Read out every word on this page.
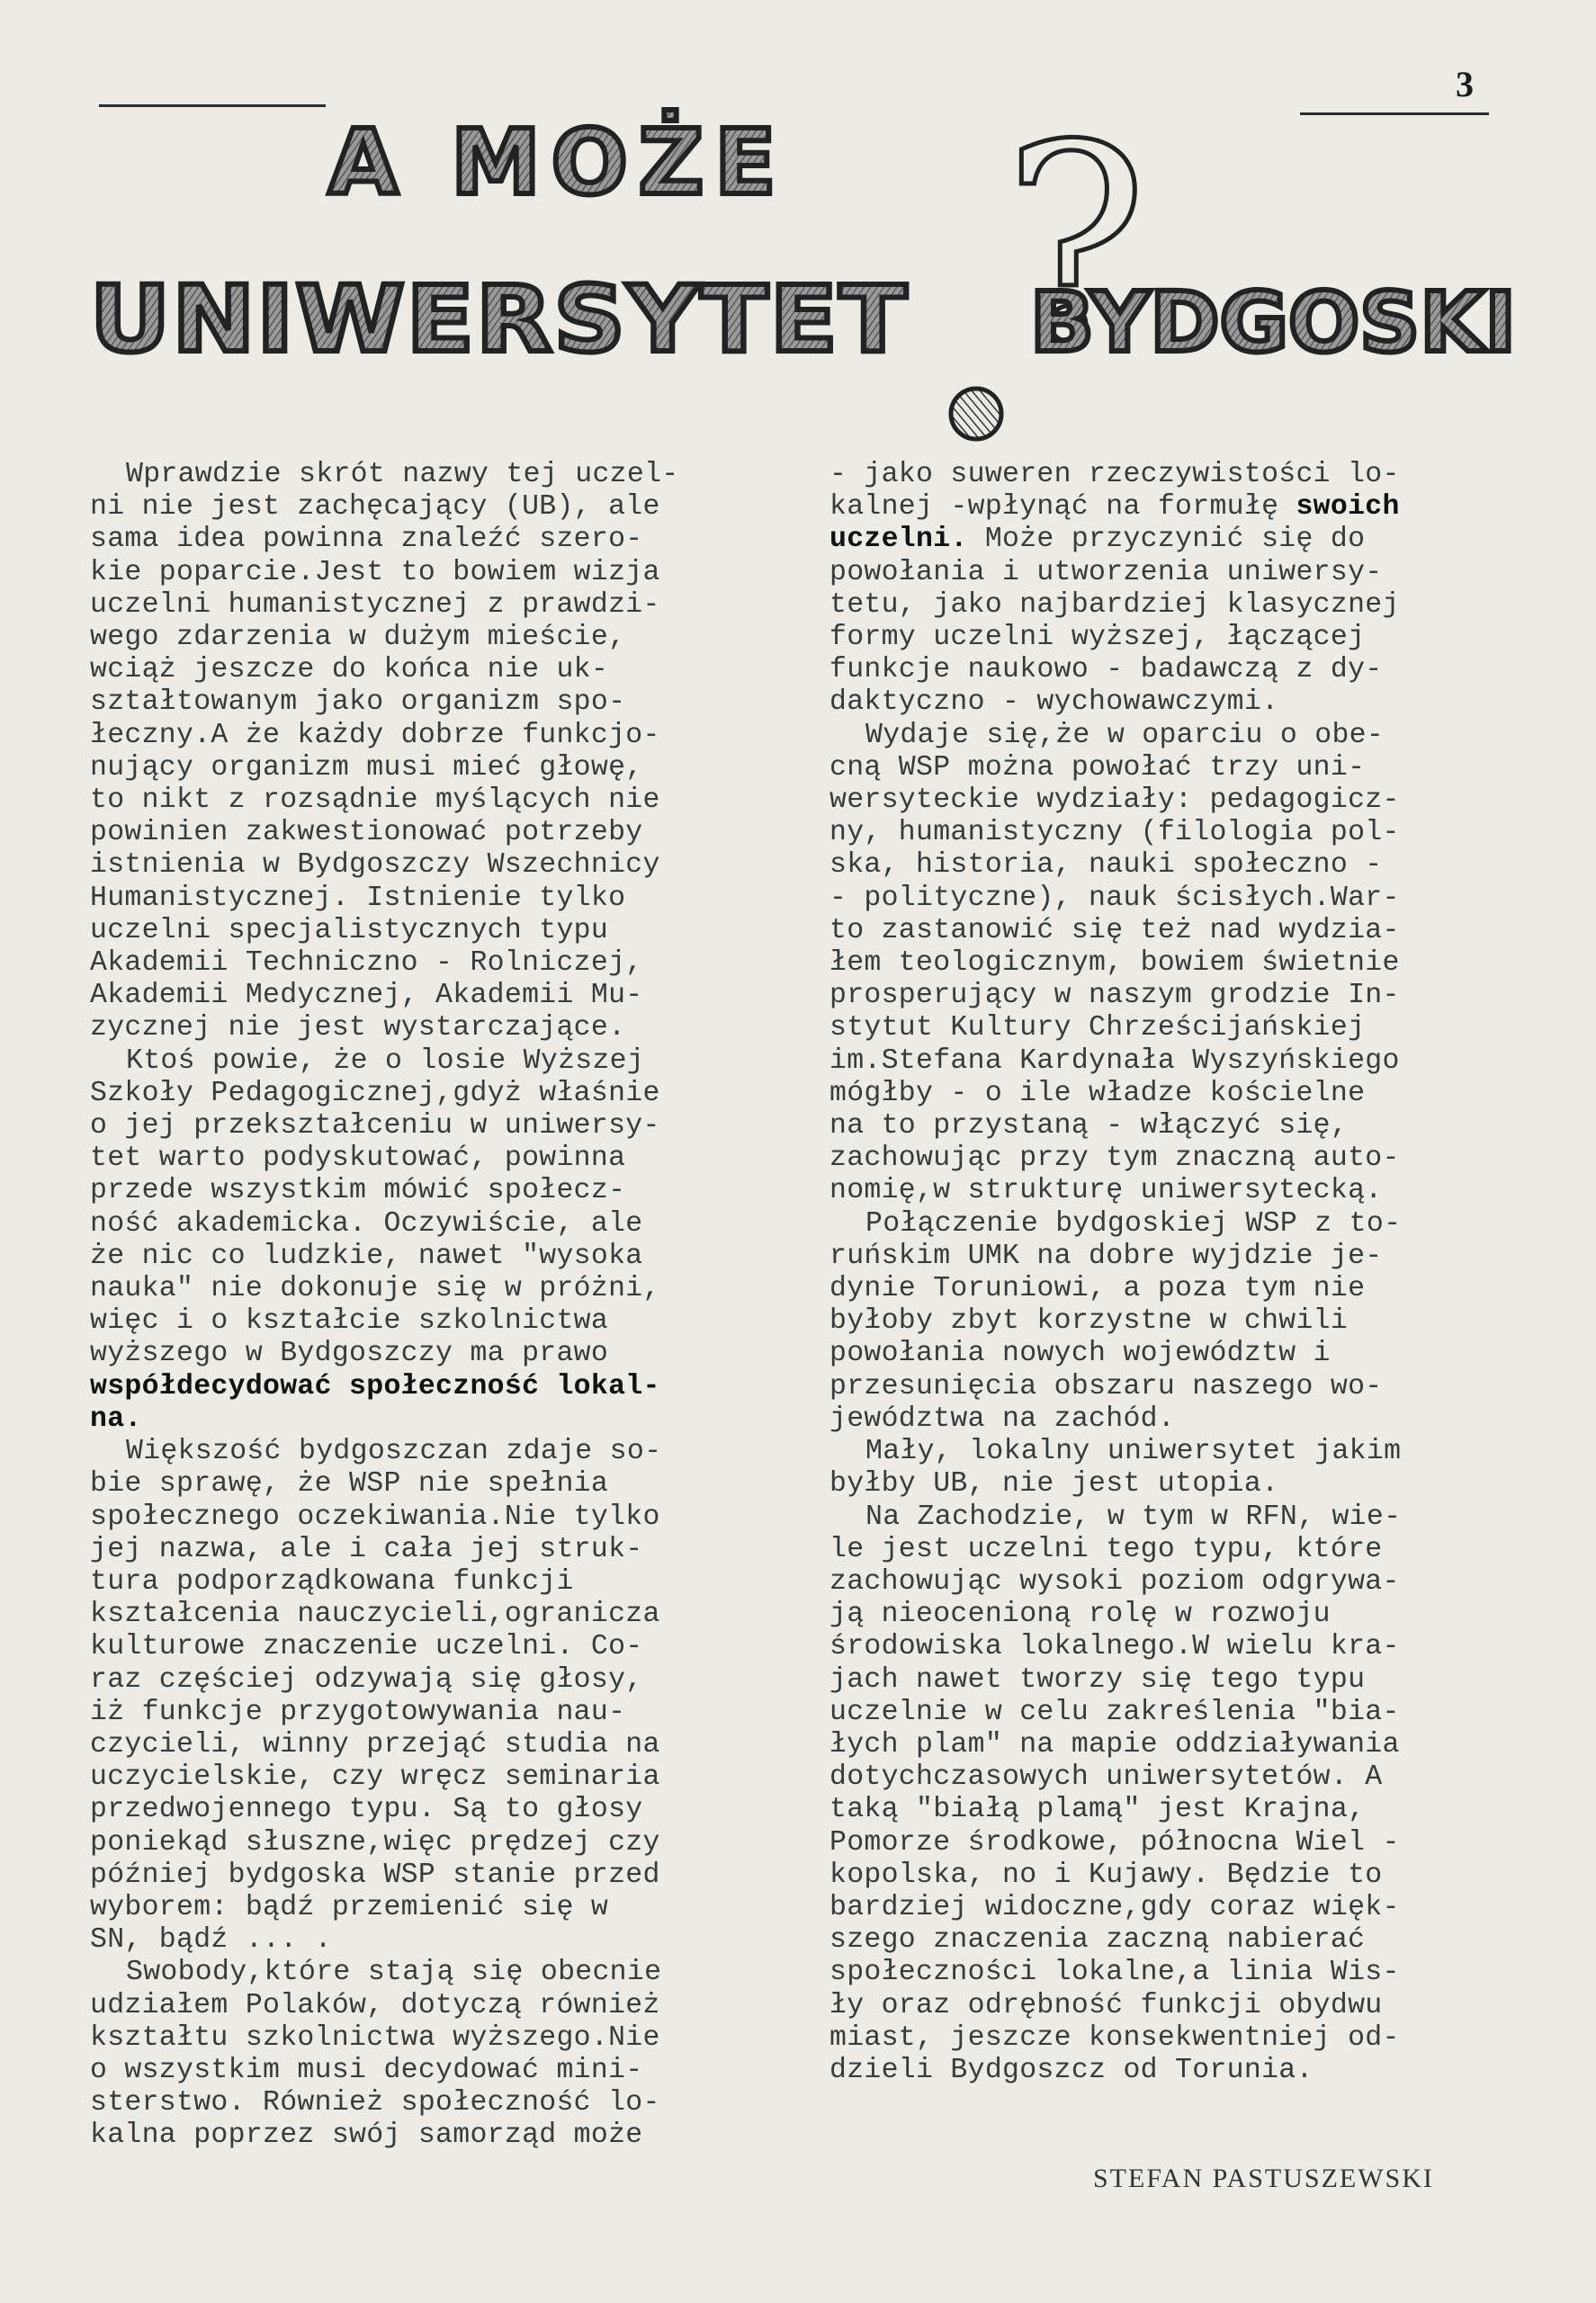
3
A MOŻE ?
UNIWERSYTET BYDGOSKI

Wprawdzie skrót nazwy tej uczel-
ni nie jest zachęcający (UB), ale
sama idea powinna znaleźć szero-
kie poparcie.Jest to bowiem wizja
uczelni humanistycznej z prawdzi-
wego zdarzenia w dużym mieście,
wciąż jeszcze do końca nie uk-
ształtowanym jako organizm spo-
łeczny.A że każdy dobrze funkcjo-
nujący organizm musi mieć głowę,
to nikt z rozsądnie myślących nie
powinien zakwestionować potrzeby
istnienia w Bydgoszczy Wszechnicy
Humanistycznej. Istnienie tylko
uczelni specjalistycznych typu
Akademii Techniczno - Rolniczej,
Akademii Medycznej, Akademii Mu-
zycznej nie jest wystarczające.

Ktoś powie, że o losie Wyższej
Szkoły Pedagogicznej,gdyż właśnie
o jej przekształceniu w uniwersy-
tet warto podyskutować, powinna
przede wszystkim mówić społecz-
ność akademicka. Oczywiście, ale
że nic co ludzkie, nawet "wysoka
nauka" nie dokonuje się w próżni,
więc i o kształcie szkolnictwa
wyższego w Bydgoszczy ma prawo
współdecydować społeczność lokal-
na.

Większość bydgoszczan zdaje so-
bie sprawę, że WSP nie spełnia
społecznego oczekiwania.Nie tylko
jej nazwa, ale i cała jej struk-
tura podporządkowana funkcji
kształcenia nauczycieli,ogranicza
kulturowe znaczenie uczelni. Co-
raz częściej odzywają się głosy,
iż funkcje przygotowywania nau-
czycieli, winny przejąć studia na
uczycielskie, czy wręcz seminaria
przedwojennego typu. Są to głosy
poniekąd słuszne,więc prędzej czy
później bydgoska WSP stanie przed
wyborem: bądź przemienić się w
SN, bądź ... .

Swobody,które stają się obecnie
udziałem Polaków, dotyczą również
kształtu szkolnictwa wyższego.Nie
o wszystkim musi decydować mini-
sterstwo. Również społeczność lo-
kalna poprzez swój samorząd może

- jako suweren rzeczywistości lo-
kalnej -wpłynąć na formułę swoich
uczelni. Może przyczynić się do
powołania i utworzenia uniwersy-
tetu, jako najbardziej klasycznej
formy uczelni wyższej, łączącej
funkcje naukowo - badawczą z dy-
daktyczno - wychowawczymi.

Wydaje się,że w oparciu o obe-
cną WSP można powołać trzy uni-
wersyteckie wydziały: pedagogicz-
ny, humanistyczny (filologia pol-
ska, historia, nauki społeczno -
- polityczne), nauk ścisłych.War-
to zastanowić się też nad wydzia-
łem teologicznym, bowiem świetnie
prosperujący w naszym grodzie In-
stytut Kultury Chrześcijańskiej
im.Stefana Kardynała Wyszyńskiego
mógłby - o ile władze kościelne
na to przystaną - włączyć się,
zachowując przy tym znaczną auto-
nomię,w strukturę uniwersytecką.

Połączenie bydgoskiej WSP z to-
ruńskim UMK na dobre wyjdzie je-
dynie Toruniowi, a poza tym nie
byłoby zbyt korzystne w chwili
powołania nowych województw i
przesunięcia obszaru naszego wo-
jewództwa na zachód.

Mały, lokalny uniwersytet jakim
byłby UB, nie jest utopia.

Na Zachodzie, w tym w RFN, wie-
le jest uczelni tego typu, które
zachowując wysoki poziom odgrywa-
ją nieocenioną rolę w rozwoju
środowiska lokalnego.W wielu kra-
jach nawet tworzy się tego typu
uczelnie w celu zakreślenia "bia-
łych plam" na mapie oddziaływania
dotychczasowych uniwersytetów. A
taką "białą plamą" jest Krajna,
Pomorze środkowe, północna Wiel -
kopolska, no i Kujawy. Będzie to
bardziej widoczne,gdy coraz więk-
szego znaczenia zaczną nabierać
społeczności lokalne,a linia Wis-
ły oraz odrębność funkcji obydwu
miast, jeszcze konsekwentniej od-
dzieli Bydgoszcz od Torunia.

STEFAN PASTUSZEWSKI
